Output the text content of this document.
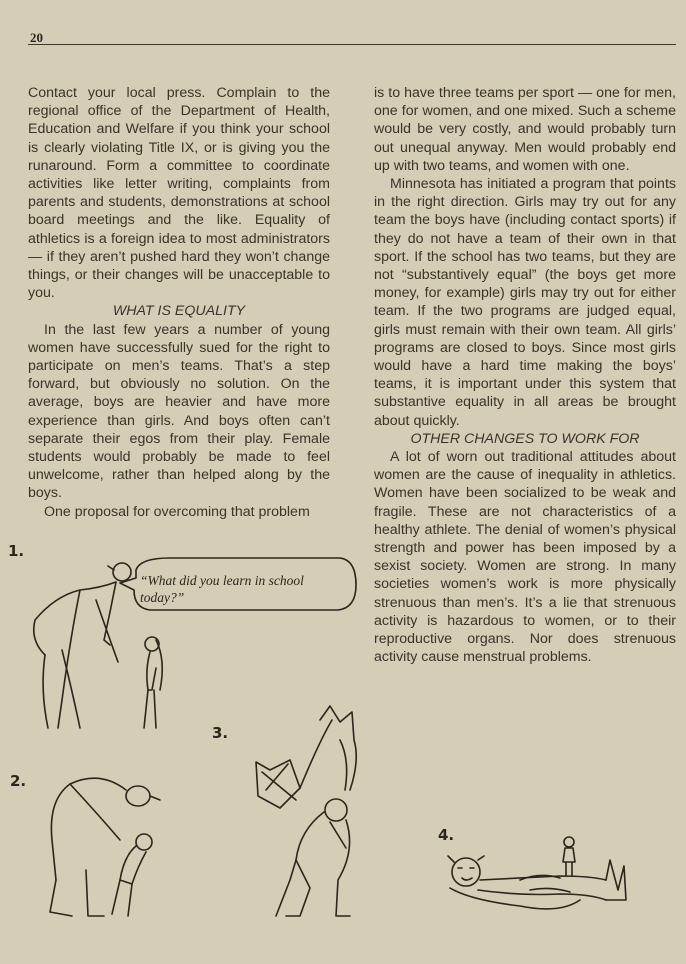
20

Contact your local press. Complain to the regional office of the Department of Health, Education and Welfare if you think your school is clearly violating Title IX, or is giving you the runaround. Form a committee to coordinate activities like letter writing, complaints from parents and students, demonstrations at school board meetings and the like. Equality of athletics is a foreign idea to most administrators — if they aren’t pushed hard they won’t change things, or their changes will be unacceptable to you.

WHAT IS EQUALITY

In the last few years a number of young women have successfully sued for the right to participate on men’s teams. That’s a step forward, but obviously no solution. On the average, boys are heavier and have more experience than girls. And boys often can’t separate their egos from their play. Female students would probably be made to feel unwelcome, rather than helped along by the boys.

One proposal for overcoming that problem

is to have three teams per sport — one for men, one for women, and one mixed. Such a scheme would be very costly, and would probably turn out unequal anyway. Men would probably end up with two teams, and women with one.

Minnesota has initiated a program that points in the right direction. Girls may try out for any team the boys have (including contact sports) if they do not have a team of their own in that sport. If the school has two teams, but they are not “substantively equal” (the boys get more money, for example) girls may try out for either team. If the two programs are judged equal, girls must remain with their own team. All girls’ programs are closed to boys. Since most girls would have a hard time making the boys’ teams, it is important under this system that substantive equality in all areas be brought about quickly.

OTHER CHANGES TO WORK FOR

A lot of worn out traditional attitudes about women are the cause of inequality in athletics. Women have been socialized to be weak and fragile. These are not characteristics of a healthy athlete. The denial of women’s physical strength and power has been imposed by a sexist society. Women are strong. In many societies women’s work is more physically strenuous than men’s. It’s a lie that strenuous activity is hazardous to women, or to their reproductive organs. Nor does strenuous activity cause menstrual problems.

“What did you learn in school today?”
1.
2.
3.
4.
